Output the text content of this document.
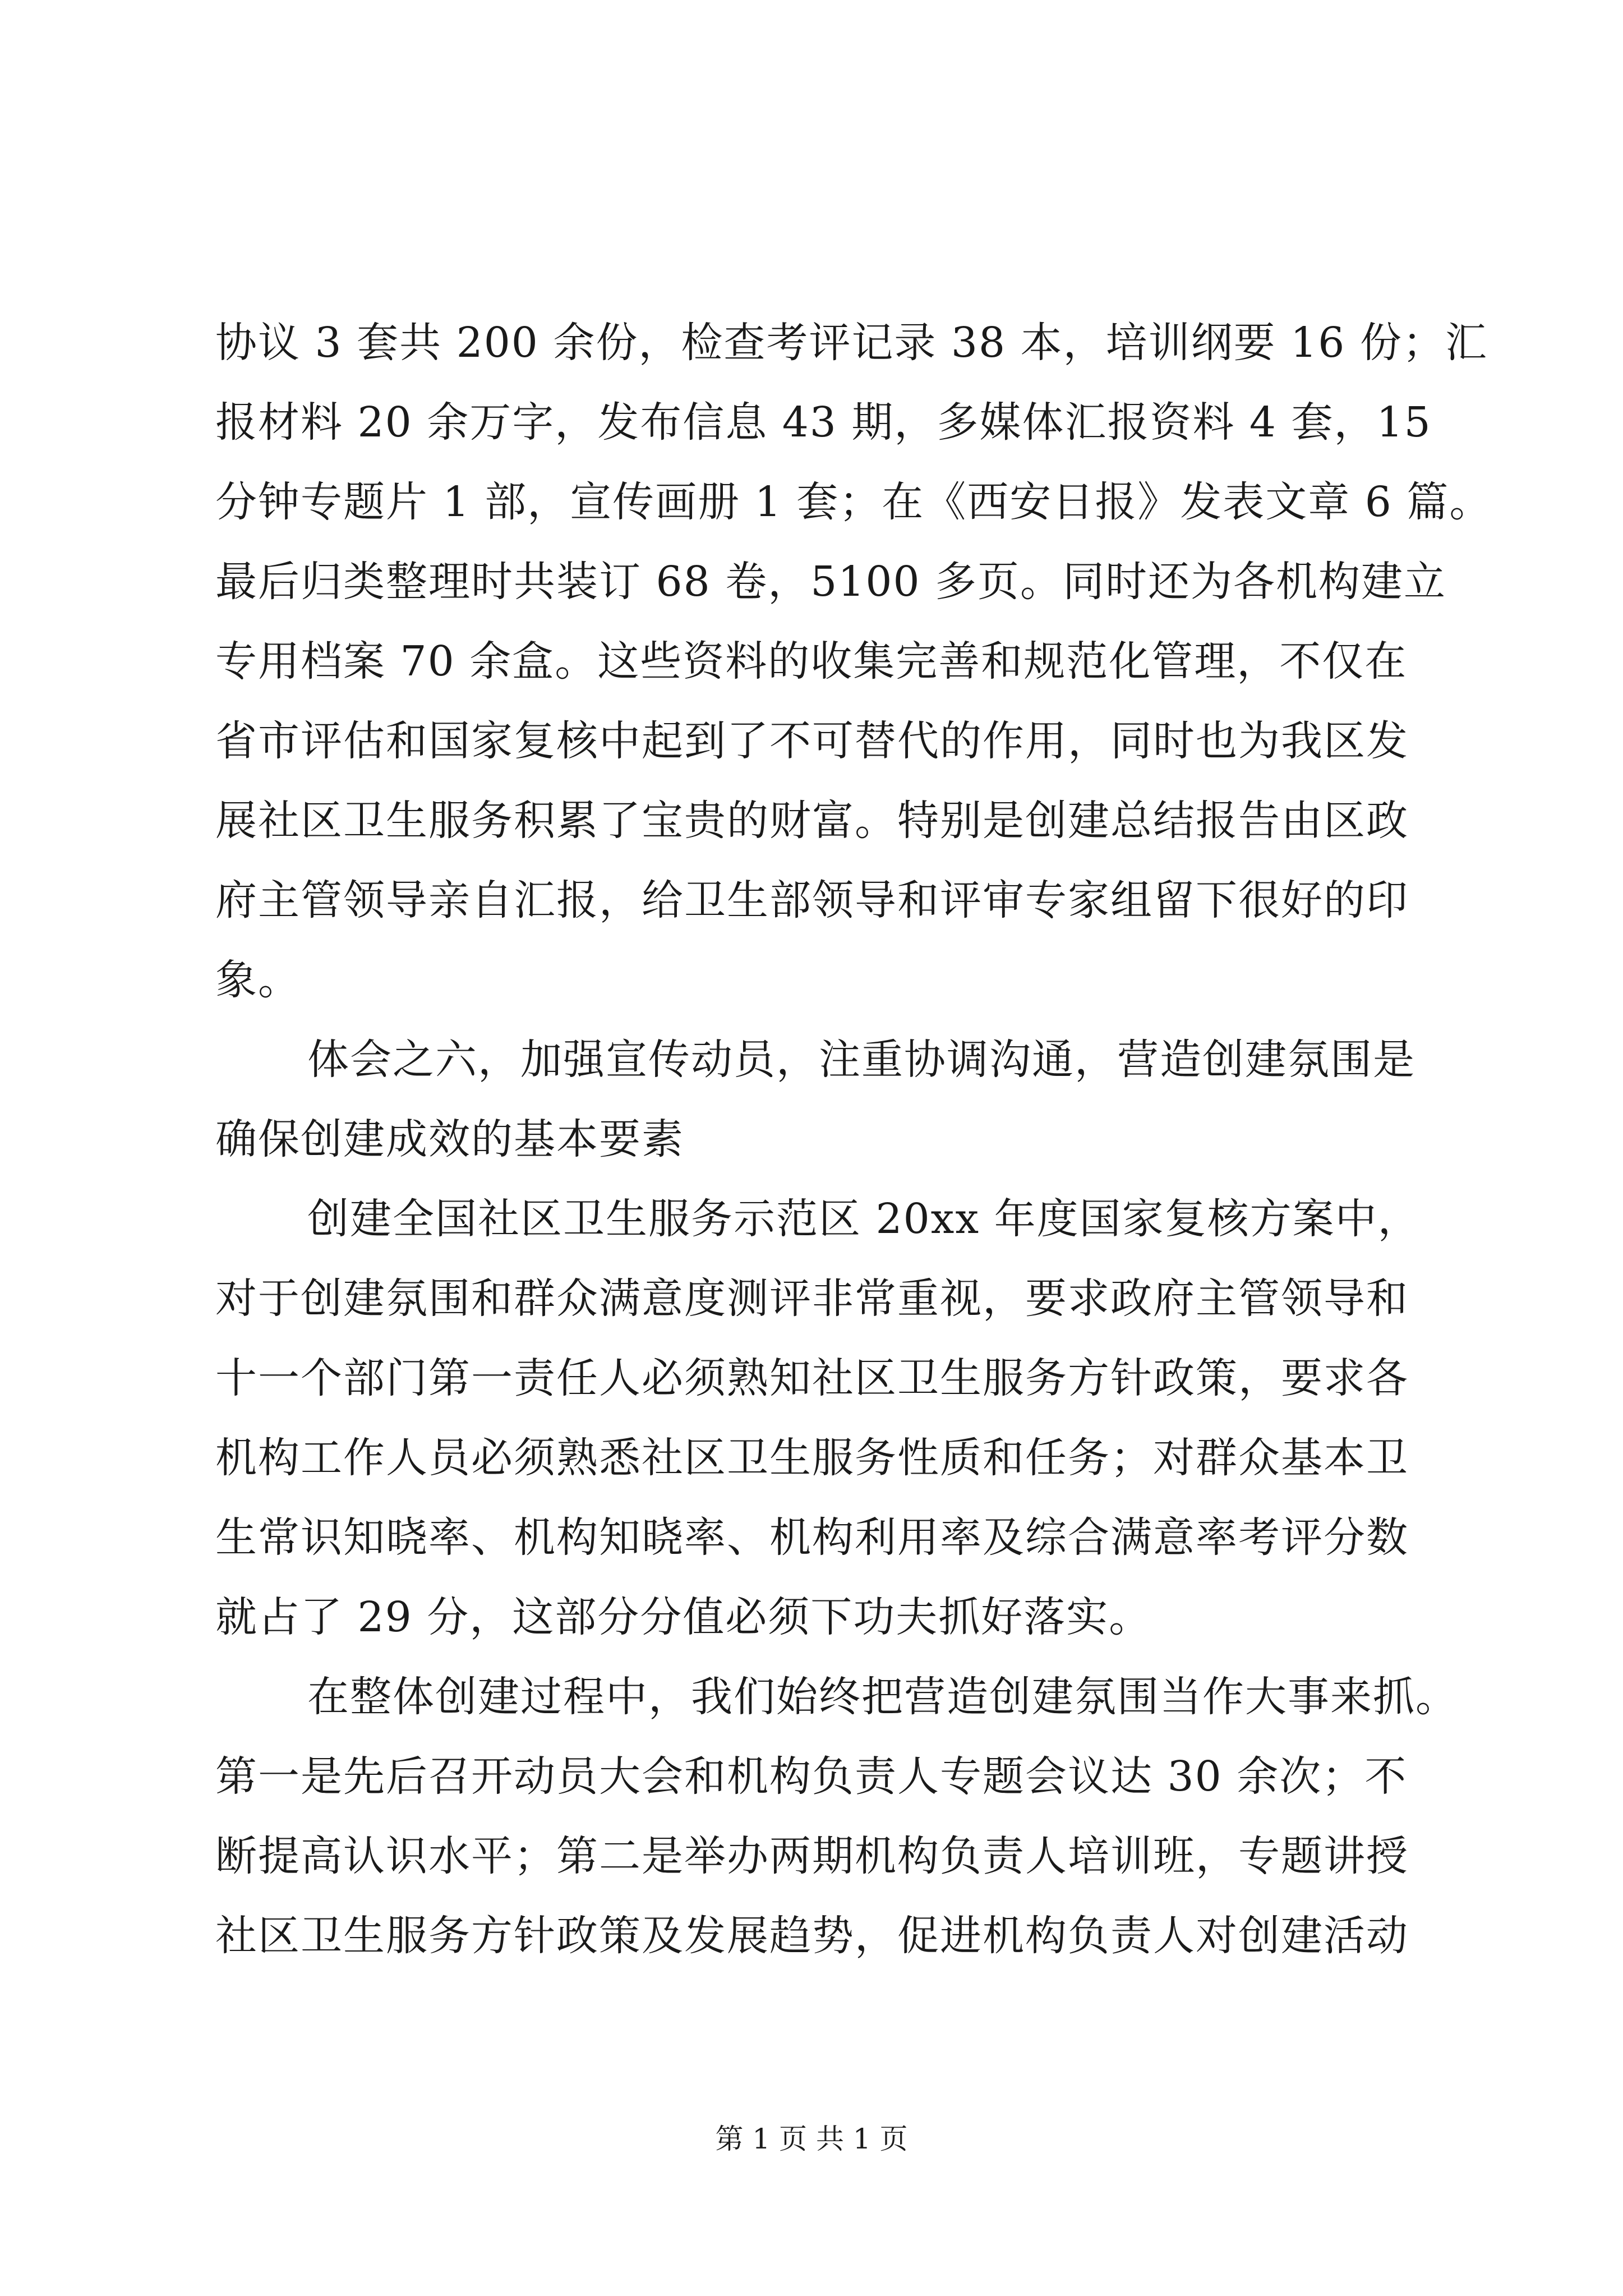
协议 3 套共 200 余份，检查考评记录 38 本，培训纲要 16 份；汇
报材料 20 余万字，发布信息 43 期，多媒体汇报资料 4 套，15
分钟专题片 1 部，宣传画册 1 套；在《西安日报》发表文章 6 篇。
最后归类整理时共装订 68 卷，5100 多页。同时还为各机构建立
专用档案 70 余盒。这些资料的收集完善和规范化管理，不仅在
省市评估和国家复核中起到了不可替代的作用，同时也为我区发
展社区卫生服务积累了宝贵的财富。特别是创建总结报告由区政
府主管领导亲自汇报，给卫生部领导和评审专家组留下很好的印
象。

体会之六，加强宣传动员，注重协调沟通，营造创建氛围是
确保创建成效的基本要素

创建全国社区卫生服务示范区 20xx 年度国家复核方案中，
对于创建氛围和群众满意度测评非常重视，要求政府主管领导和
十一个部门第一责任人必须熟知社区卫生服务方针政策，要求各
机构工作人员必须熟悉社区卫生服务性质和任务；对群众基本卫
生常识知晓率、机构知晓率、机构利用率及综合满意率考评分数
就占了 29 分，这部分分值必须下功夫抓好落实。

在整体创建过程中，我们始终把营造创建氛围当作大事来抓。
第一是先后召开动员大会和机构负责人专题会议达 30 余次；不
断提高认识水平；第二是举办两期机构负责人培训班，专题讲授
社区卫生服务方针政策及发展趋势，促进机构负责人对创建活动

第 1 页 共 1 页
